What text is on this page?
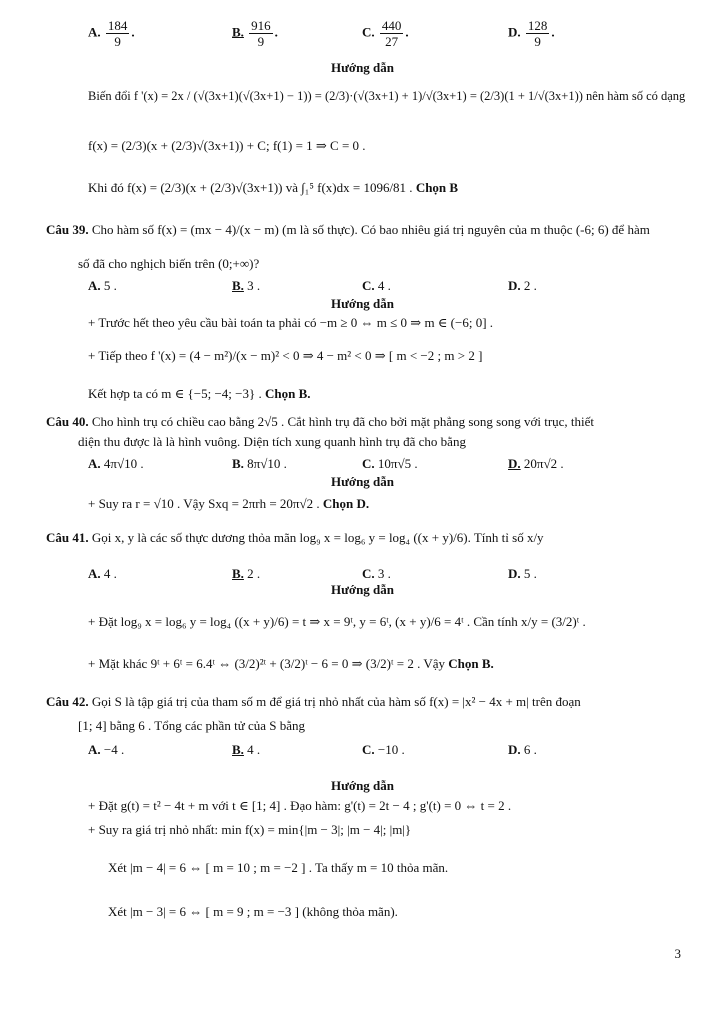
A. $\frac{184}{9}$ .	B. $\frac{916}{9}$ .	C. $\frac{440}{27}$ .	D. $\frac{128}{9}$ .
Hướng dẫn
Biến đổi f '(x) = 2x / (√(3x+1)(√(3x+1) − 1)) = (2/3)·(√(3x+1) + 1)/√(3x+1) = (2/3)(1 + 1/√(3x+1)) nên hàm số có dạng
f(x) = (2/3)(x + (2/3)√(3x+1)) + C; f(1) = 1 ⇒ C = 0 .
Khi đó f(x) = (2/3)(x + (2/3)√(3x+1)) và ∫₁⁵ f(x)dx = 1096/81 . Chọn B
Câu 39. Cho hàm số f(x) = (mx − 4)/(x − m) (m là số thực). Có bao nhiêu giá trị nguyên của m thuộc (-6; 6) để hàm
số đã cho nghịch biến trên (0;+∞)?
A. 5 .	B. 3 .	C. 4 .	D. 2 .
Hướng dẫn
+ Trước hết theo yêu cầu bài toán ta phải có −m ≥ 0 ⇔ m ≤ 0 ⇒ m ∈ (−6; 0] .
+ Tiếp theo f '(x) = (4 − m²)/(x − m)² < 0 ⇒ 4 − m² < 0 ⇒ [ m < −2 ; m > 2 ]
Kết hợp ta có m ∈ {−5; −4; −3} . Chọn B.
Câu 40. Cho hình trụ có chiều cao bằng 2√5 . Cắt hình trụ đã cho bởi mặt phẳng song song với trục, thiết
diện thu được là là hình vuông. Diện tích xung quanh hình trụ đã cho bằng
A. 4π√10 .	B. 8π√10 .	C. 10π√5 .	D. 20π√2 .
Hướng dẫn
+ Suy ra r = √10 . Vậy Sxq = 2πrh = 20π√2 . Chọn D.
Câu 41. Gọi x, y là các số thực dương thỏa mãn log₉ x = log₆ y = log₄ ((x + y)/6). Tính tỉ số x/y
A. 4 .	B. 2 .	C. 3 .	D. 5 .
Hướng dẫn
+ Đặt log₉ x = log₆ y = log₄ ((x + y)/6) = t ⇒ x = 9ᵗ, y = 6ᵗ, (x + y)/6 = 4ᵗ . Cần tính x/y = (3/2)ᵗ .
+ Mặt khác 9ᵗ + 6ᵗ = 6.4ᵗ ⇔ (3/2)²ᵗ + (3/2)ᵗ − 6 = 0 ⇒ (3/2)ᵗ = 2 . Vậy Chọn B.
Câu 42. Gọi S là tập giá trị của tham số m để giá trị nhỏ nhất của hàm số f(x) = |x² − 4x + m| trên đoạn
[1; 4] bằng 6 . Tổng các phần tử của S bằng
A. −4 .	B. 4 .	C. −10 .	D. 6 .
Hướng dẫn
+ Đặt g(t) = t² − 4t + m với t ∈ [1; 4] . Đạo hàm: g'(t) = 2t − 4 ; g'(t) = 0 ⇔ t = 2 .
+ Suy ra giá trị nhỏ nhất: min f(x) = min{|m − 3|; |m − 4|; |m|}
Xét |m − 4| = 6 ⇔ [ m = 10 ; m = −2 ] . Ta thấy m = 10 thỏa mãn.
Xét |m − 3| = 6 ⇔ [ m = 9 ; m = −3 ] (không thỏa mãn).
3
